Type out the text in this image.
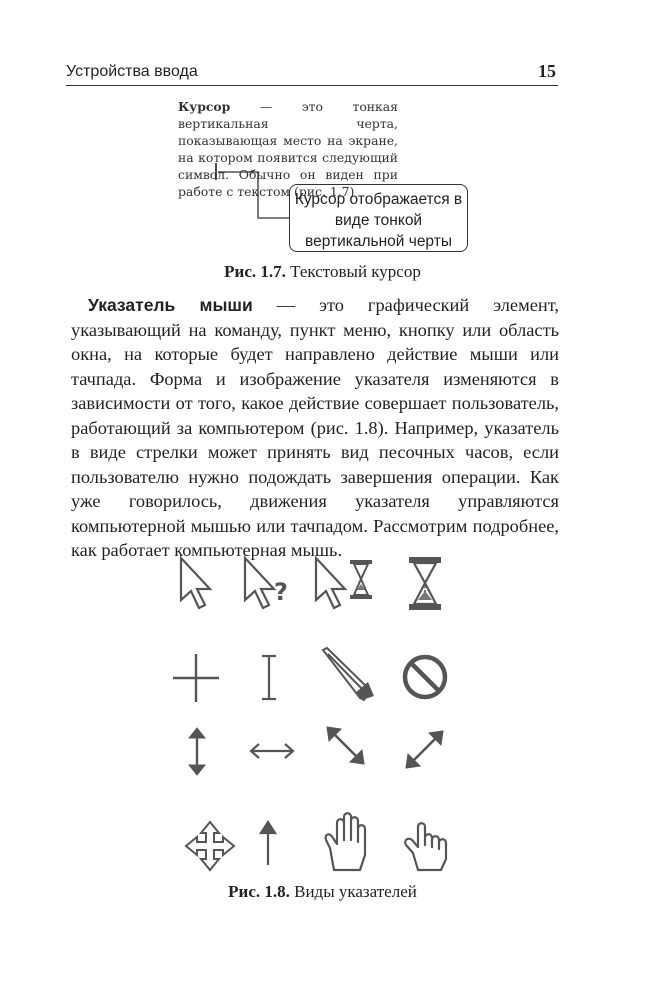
Устройства ввода	15
Курсор — это тонкая вертикальная черта, показывающая место на экране, на котором появится следующий символ. Обычно он виден при работе с текстом (рис. 1.7)
Курсор отображается в виде тонкой вертикальной черты
Рис. 1.7. Текстовый курсор

Указатель мыши — это графический элемент, указывающий на команду, пункт меню, кнопку или область окна, на которые будет направлено действие мыши или тачпада. Форма и изображение указателя изменяются в зависимости от того, какое действие совершает пользователь, работающий за компьютером (рис. 1.8). Например, указатель в виде стрелки может принять вид песочных часов, если пользователю нужно подождать завершения операции. Как уже говорилось, движения указателя управляются компьютерной мышью или тачпадом. Рассмотрим подробнее, как работает компьютерная мышь.

?
Рис. 1.8. Виды указателей
